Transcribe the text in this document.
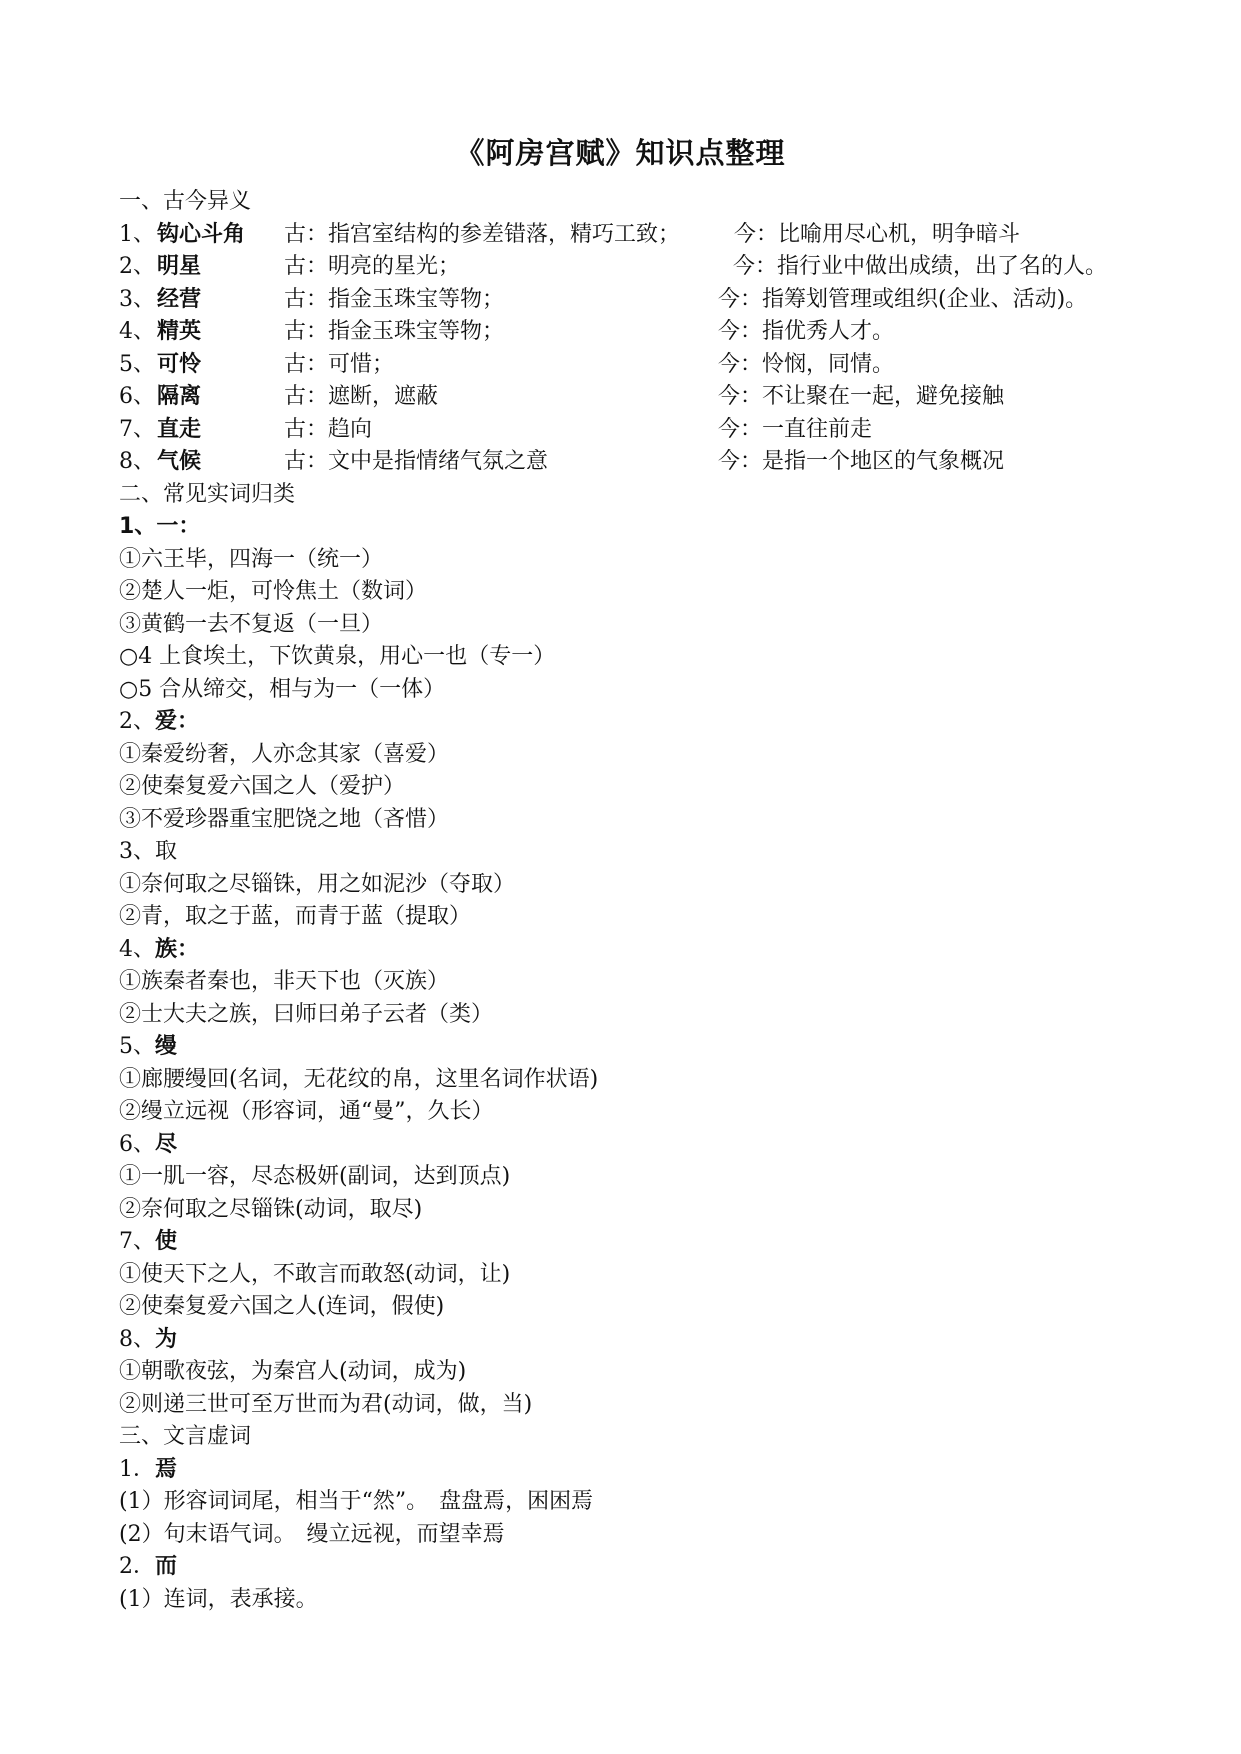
《阿房宫赋》知识点整理
一、古今异义
1、 钩心斗角 古：指宫室结构的参差错落，精巧工致； 今：比喻用尽心机，明争暗斗
2、 明星	古：明亮的星光；	今：指行业中做出成绩，出了名的人。
3、 经营	古：指金玉珠宝等物；	今：指筹划管理或组织(企业、活动)。
4、 精英	古：指金玉珠宝等物；	今：指优秀人才。
5、 可怜	古：可惜；	今：怜悯，同情。
6、 隔离	古：遮断，遮蔽	今：不让聚在一起，避免接触
7、 直走	古：趋向	今：一直往前走
8、 气候	古：文中是指情绪气氛之意	今：是指一个地区的气象概况
二、常见实词归类
1、一：
①六王毕，四海一（统一）
②楚人一炬，可怜焦土（数词）
③黄鹤一去不复返（一旦）
○4 上食埃土，下饮黄泉，用心一也（专一）
○5 合从缔交，相与为一（一体）
2、爱：
①秦爱纷奢，人亦念其家（喜爱）
②使秦复爱六国之人（爱护）
③不爱珍器重宝肥饶之地（吝惜）
3、取
①奈何取之尽锱铢，用之如泥沙（夺取）
②青，取之于蓝，而青于蓝（提取）
4、族：
①族秦者秦也，非天下也（灭族）
②士大夫之族，曰师曰弟子云者（类）
5、缦
①廊腰缦回(名词，无花纹的帛，这里名词作状语)
②缦立远视（形容词，通“曼”，久长）
6、尽
①一肌一容，尽态极妍(副词，达到顶点)
②奈何取之尽锱铢(动词，取尽)
7、使
①使天下之人，不敢言而敢怒(动词，让)
②使秦复爱六国之人(连词，假使)
8、为
①朝歌夜弦，为秦宫人(动词，成为)
②则递三世可至万世而为君(动词，做，当)
三、文言虚词
1．焉
(1）形容词词尾，相当于“然”。　盘盘焉，困困焉
(2）句末语气词。　缦立远视，而望幸焉
2．而
(1）连词，表承接。
